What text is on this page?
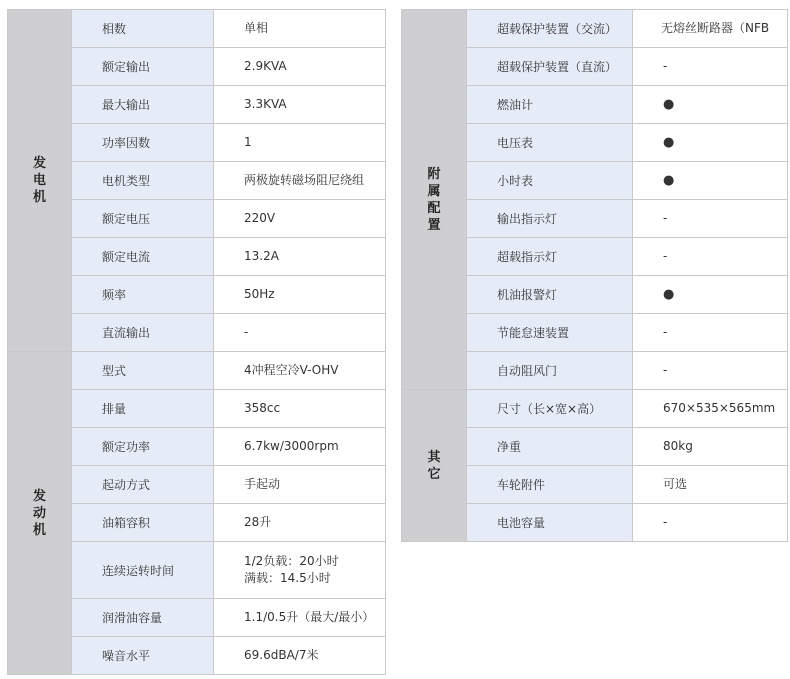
发电机	相数	单相
	额定输出	2.9KVA
	最大输出	3.3KVA
	功率因数	1
	电机类型	两极旋转磁场阻尼绕组
	额定电压	220V
	额定电流	13.2A
	频率	50Hz
	直流输出	-
发动机	型式	4冲程空冷V-OHV
	排量	358cc
	额定功率	6.7kw/3000rpm
	起动方式	手起动
	油箱容积	28升
	连续运转时间	1/2负载：20小时
满载：14.5小时

	润滑油容量	1.1/0.5升（最大/最小）
	噪音水平	69.6dBA/7米
附属配置	超载保护装置（交流）	无熔丝断路器（NFB
	超载保护装置（直流）	-
	燃油计	●
	电压表	●
	小时表	●
	输出指示灯	-
	超载指示灯	-
	机油报警灯	●
	节能怠速装置	-
	自动阻风门	-
其它	尺寸（长×宽×高）	670×535×565mm
	净重	80kg
	车轮附件	可选
	电池容量	-
